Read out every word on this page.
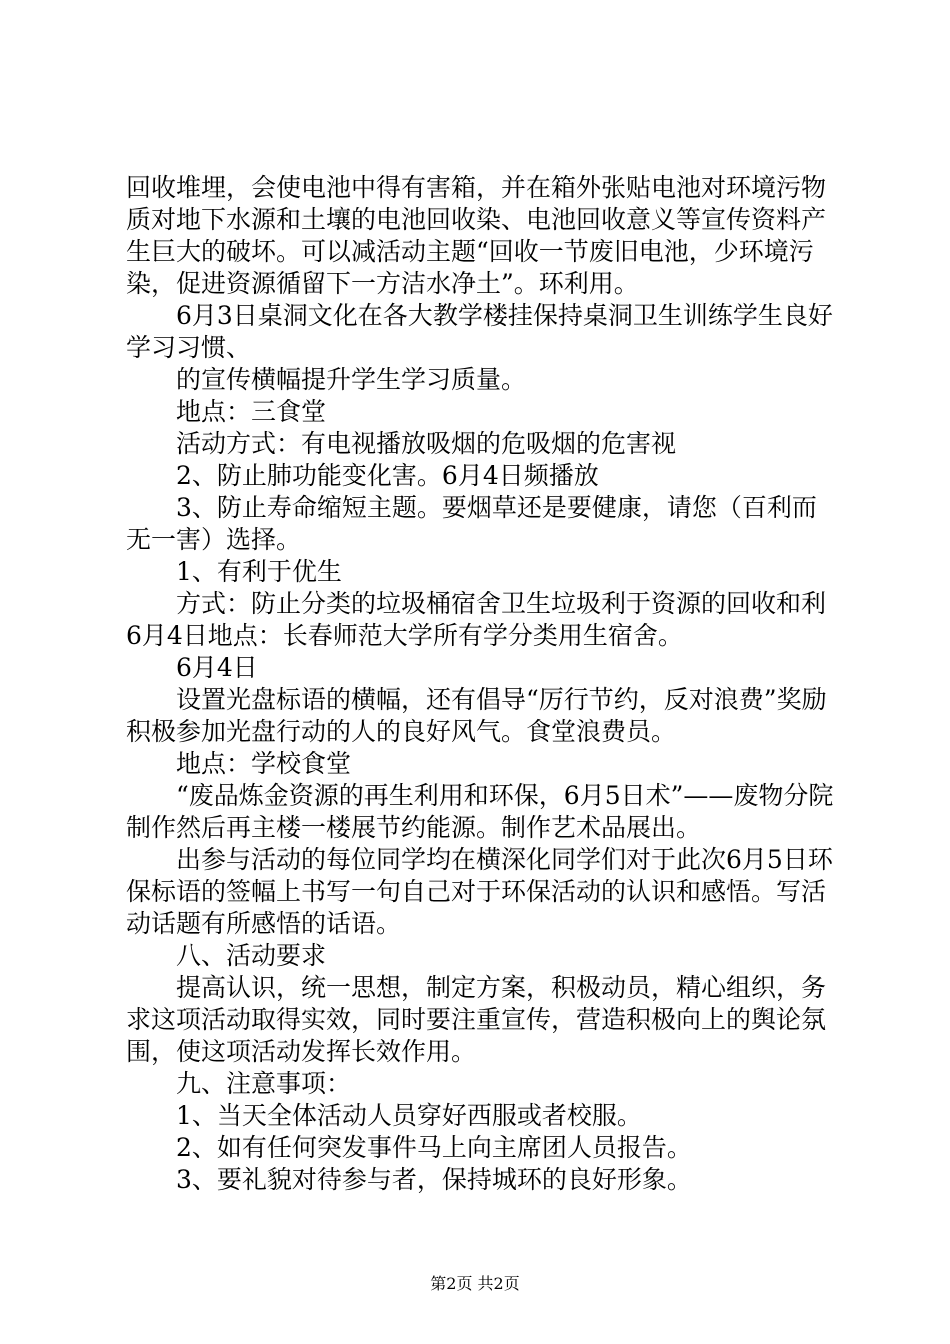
回收堆埋，会使电池中得有害箱，并在箱外张贴电池对环境污物质对地下水源和土壤的电池回收染、电池回收意义等宣传资料产生巨大的破坏。可以减活动主题“回收一节废旧电池，少环境污染，促进资源循留下一方洁水净土”。环利用。

　　6月3日桌洞文化在各大教学楼挂保持桌洞卫生训练学生良好学习习惯、

　　的宣传横幅提升学生学习质量。

　　地点：三食堂

　　活动方式：有电视播放吸烟的危吸烟的危害视

　　2、防止肺功能变化害。6月4日频播放

　　3、防止寿命缩短主题。要烟草还是要健康，请您（百利而无一害）选择。

　　1、有利于优生

　　方式：防止分类的垃圾桶宿舍卫生垃圾利于资源的回收和利6月4日地点：长春师范大学所有学分类用生宿舍。

　　6月4日

　　设置光盘标语的横幅，还有倡导“厉行节约，反对浪费”奖励积极参加光盘行动的人的良好风气。食堂浪费员。

　　地点：学校食堂

　　“废品炼金资源的再生利用和环保，6月5日术”——废物分院制作然后再主楼一楼展节约能源。制作艺术品展出。

　　出参与活动的每位同学均在横深化同学们对于此次6月5日环保标语的签幅上书写一句自己对于环保活动的认识和感悟。写活动话题有所感悟的话语。

　　八、活动要求

　　提高认识，统一思想，制定方案，积极动员，精心组织，务求这项活动取得实效，同时要注重宣传，营造积极向上的舆论氛围，使这项活动发挥长效作用。

　　九、注意事项：

　　1、当天全体活动人员穿好西服或者校服。

　　2、如有任何突发事件马上向主席团人员报告。

　　3、要礼貌对待参与者，保持城环的良好形象。

第2页 共2页
